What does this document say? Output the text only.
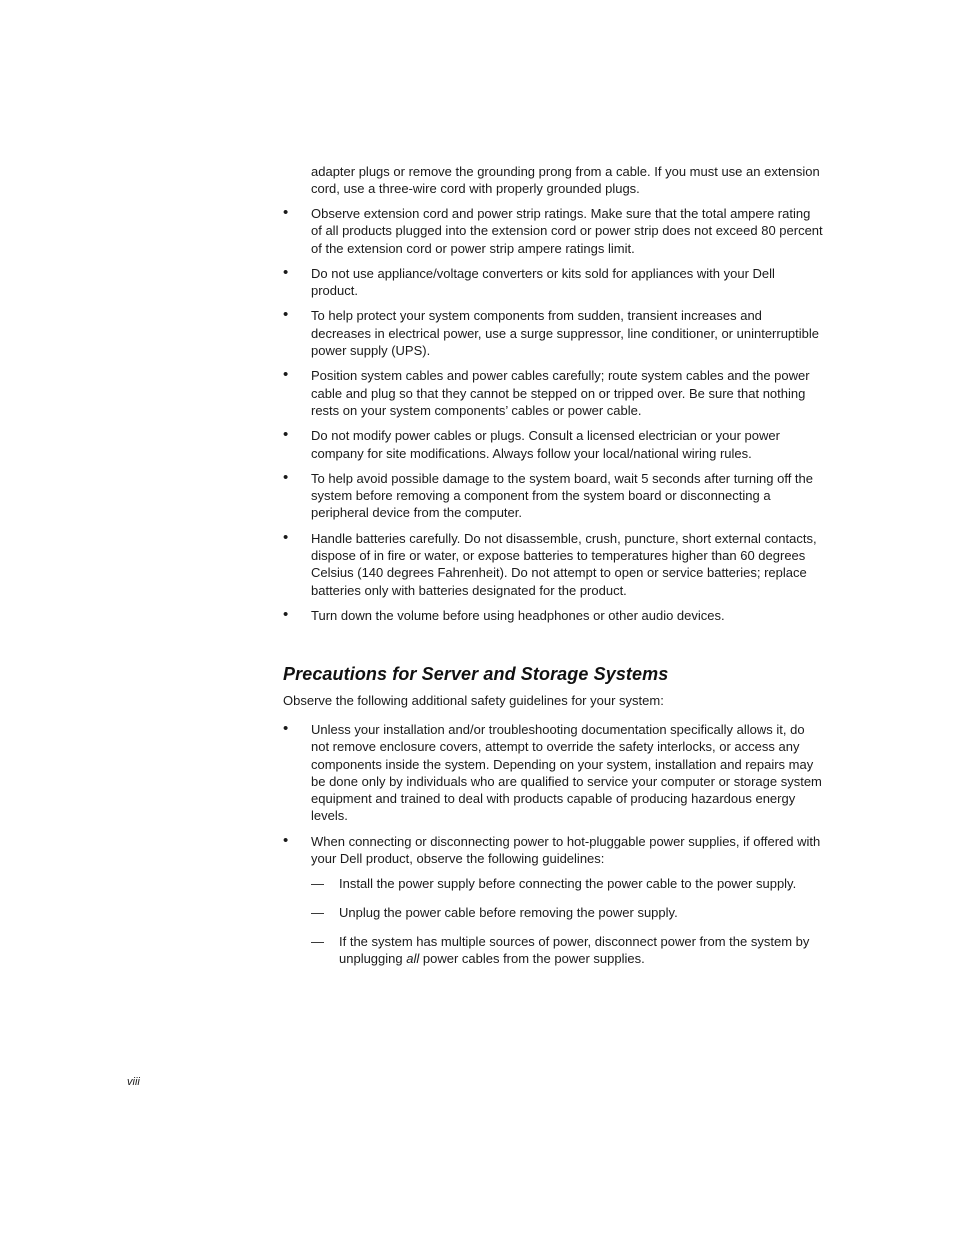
adapter plugs or remove the grounding prong from a cable. If you must use an extension cord, use a three-wire cord with properly grounded plugs.

• Observe extension cord and power strip ratings. Make sure that the total ampere rating of all products plugged into the extension cord or power strip does not exceed 80 percent of the extension cord or power strip ampere ratings limit.
• Do not use appliance/voltage converters or kits sold for appliances with your Dell product.
• To help protect your system components from sudden, transient increases and decreases in electrical power, use a surge suppressor, line conditioner, or uninterruptible power supply (UPS).
• Position system cables and power cables carefully; route system cables and the power cable and plug so that they cannot be stepped on or tripped over. Be sure that nothing rests on your system components’ cables or power cable.
• Do not modify power cables or plugs. Consult a licensed electrician or your power company for site modifications. Always follow your local/national wiring rules.
• To help avoid possible damage to the system board, wait 5 seconds after turning off the system before removing a component from the system board or disconnecting a peripheral device from the computer.
• Handle batteries carefully. Do not disassemble, crush, puncture, short external contacts, dispose of in fire or water, or expose batteries to temperatures higher than 60 degrees Celsius (140 degrees Fahrenheit). Do not attempt to open or service batteries; replace batteries only with batteries designated for the product.
• Turn down the volume before using headphones or other audio devices.
Precautions for Server and Storage Systems

Observe the following additional safety guidelines for your system:

• Unless your installation and/or troubleshooting documentation specifically allows it, do not remove enclosure covers, attempt to override the safety interlocks, or access any components inside the system. Depending on your system, installation and repairs may be done only by individuals who are qualified to service your computer or storage system equipment and trained to deal with products capable of producing hazardous energy levels.
• When connecting or disconnecting power to hot-pluggable power supplies, if offered with your Dell product, observe the following guidelines:
— Install the power supply before connecting the power cable to the power supply.
— Unplug the power cable before removing the power supply.
— If the system has multiple sources of power, disconnect power from the system by unplugging all power cables from the power supplies.
viii
